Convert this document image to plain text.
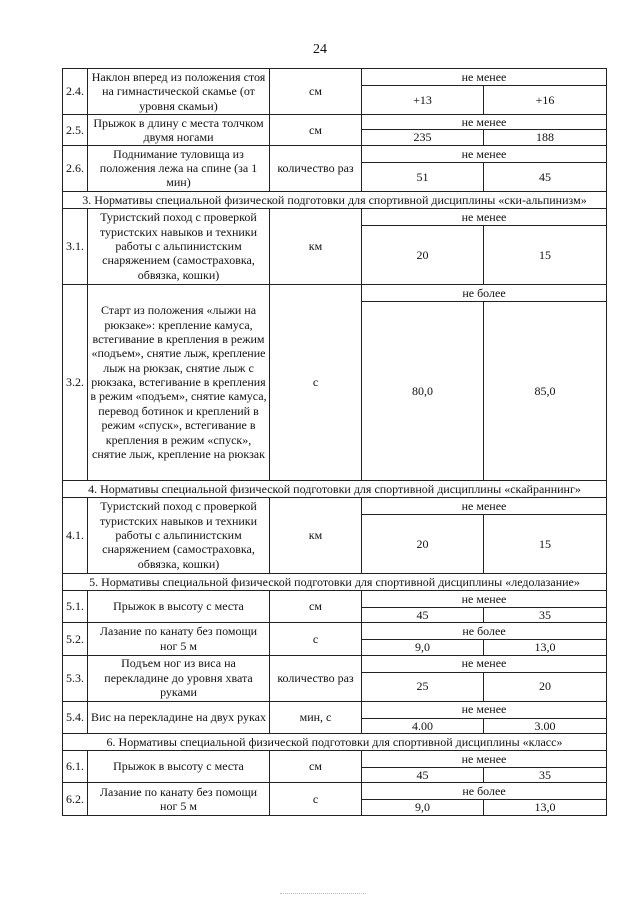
24
2.4.	Наклон вперед из положения стоя на гимнастической скамье (от уровня скамьи)	см	не менее	
			+13	+16
2.5.	Прыжок в длину с места толчком двумя ногами	см	не менее	
			235	188
2.6.	Поднимание туловища из положения лежа на спине (за 1 мин)	количество раз	не менее	
			51	45
3. Нормативы специальной физической подготовки для спортивной дисциплины «ски-альпинизм»				
3.1.	Туристский поход с проверкой туристских навыков и техники работы с альпинистским снаряжением (самостраховка, обвязка, кошки)	км	не менее	
			20	15
3.2.	Старт из положения «лыжи на рюкзаке»: крепление камуса, встегивание в крепления в режим «подъем», снятие лыж, крепление лыж на рюкзак, снятие лыж с рюкзака, встегивание в крепления в режим «подъем», снятие камуса, перевод ботинок и креплений в режим «спуск», встегивание в крепления в режим «спуск», снятие лыж, крепление на рюкзак	с	не более	
			80,0	85,0
4. Нормативы специальной физической подготовки для спортивной дисциплины «скайраннинг»				
4.1.	Туристский поход с проверкой туристских навыков и техники работы с альпинистским снаряжением (самостраховка, обвязка, кошки)	км	не менее	
			20	15
5. Нормативы специальной физической подготовки для спортивной дисциплины «ледолазание»				
5.1.	Прыжок в высоту с места	см	не менее	
			45	35
5.2.	Лазание по канату без помощи ног 5 м	с	не более	
			9,0	13,0
5.3.	Подъем ног из виса на перекладине до уровня хвата руками	количество раз	не менее	
			25	20
5.4.	Вис на перекладине на двух руках	мин, с	не менее	
			4.00	3.00
6. Нормативы специальной физической подготовки для спортивной дисциплины «класс»				
6.1.	Прыжок в высоту с места	см	не менее	
			45	35
6.2.	Лазание по канату без помощи ног 5 м	с	не более	
			9,0	13,0
